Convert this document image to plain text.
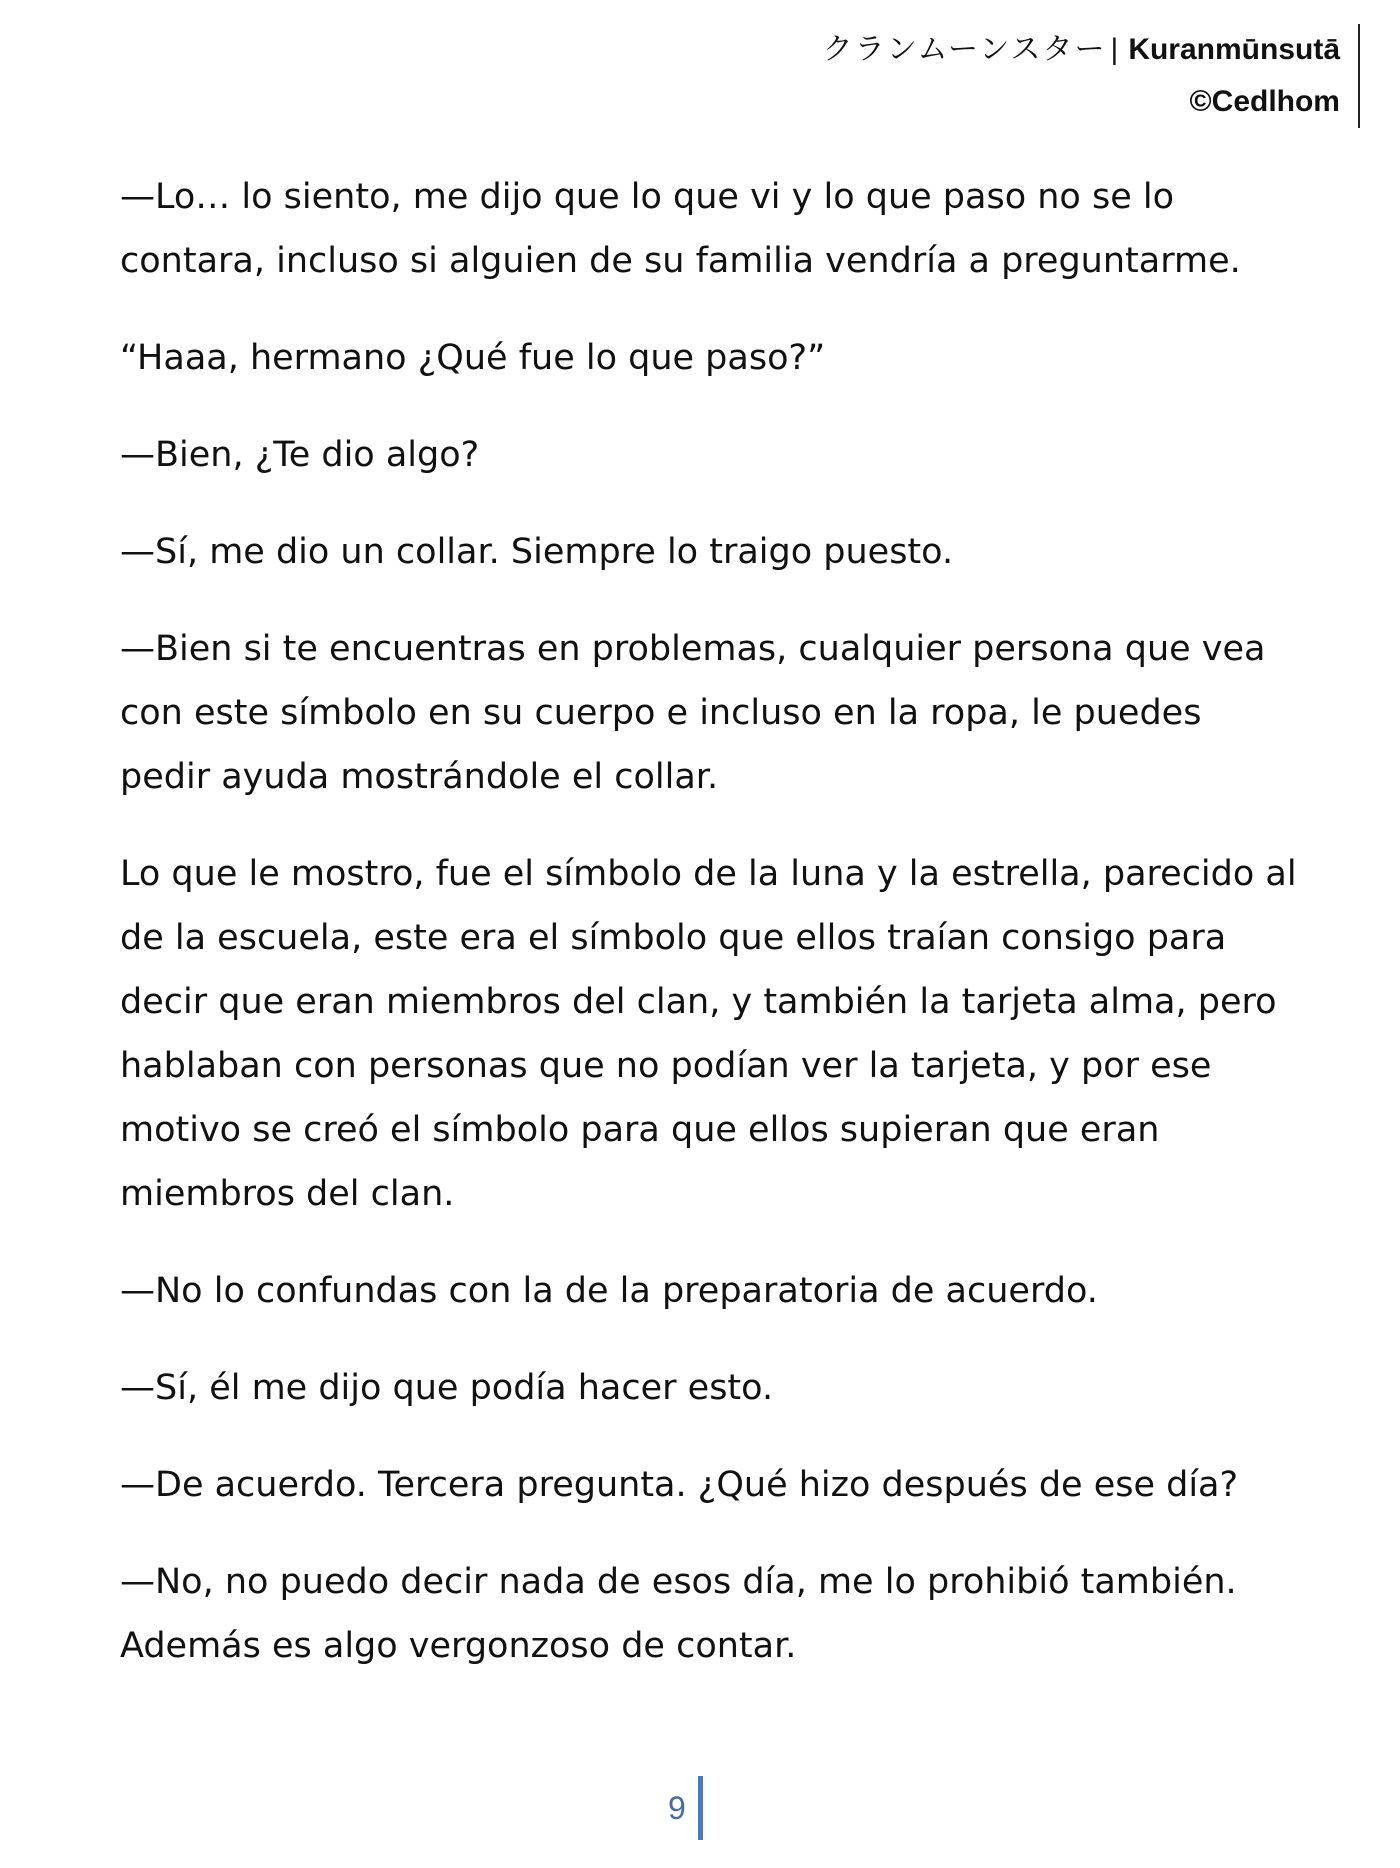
クランムーンスター | Kuranmūnsutā
©Cedlhom

—Lo… lo siento, me dijo que lo que vi y lo que paso no se lo contara, incluso si alguien de su familia vendría a preguntarme.

“Haaa, hermano ¿Qué fue lo que paso?”

—Bien, ¿Te dio algo?

—Sí, me dio un collar. Siempre lo traigo puesto.

—Bien si te encuentras en problemas, cualquier persona que vea con este símbolo en su cuerpo e incluso en la ropa, le puedes pedir ayuda mostrándole el collar.

Lo que le mostro, fue el símbolo de la luna y la estrella, parecido al de la escuela, este era el símbolo que ellos traían consigo para decir que eran miembros del clan, y también la tarjeta alma, pero hablaban con personas que no podían ver la tarjeta, y por ese motivo se creó el símbolo para que ellos supieran que eran miembros del clan.

—No lo confundas con la de la preparatoria de acuerdo.

—Sí, él me dijo que podía hacer esto.

—De acuerdo. Tercera pregunta. ¿Qué hizo después de ese día?

—No, no puedo decir nada de esos día, me lo prohibió también. Además es algo vergonzoso de contar.

9
